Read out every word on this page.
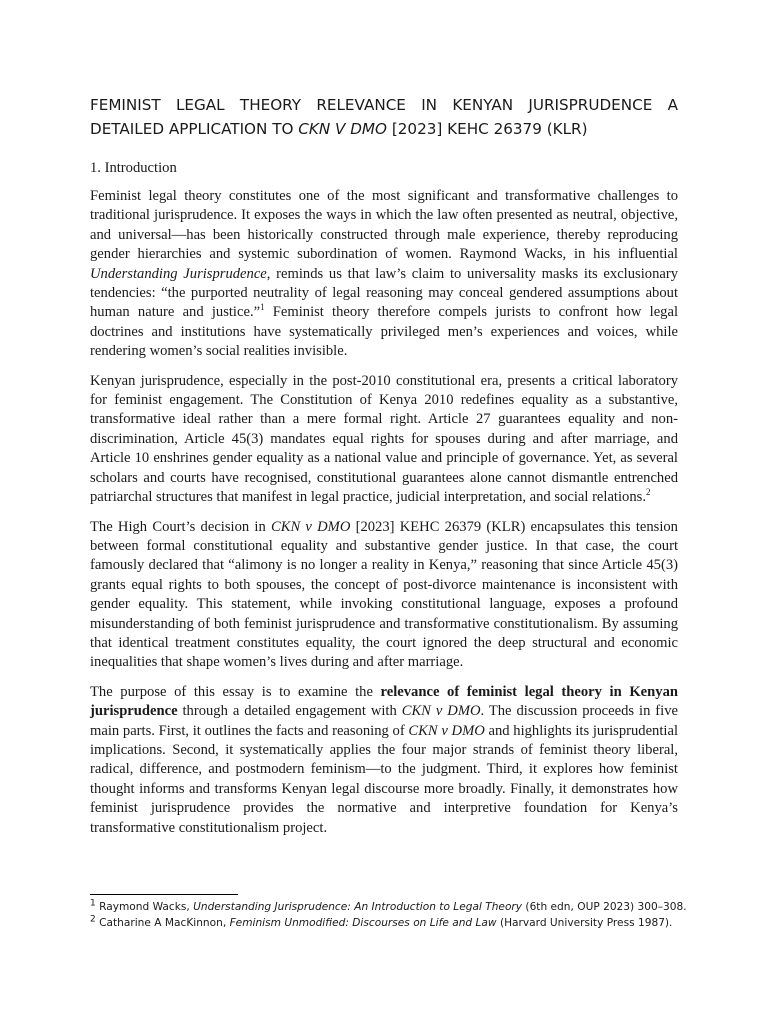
FEMINIST LEGAL THEORY RELEVANCE IN KENYAN JURISPRUDENCE A DETAILED APPLICATION TO CKN V DMO [2023] KEHC 26379 (KLR)

1. Introduction

Feminist legal theory constitutes one of the most significant and transformative challenges to traditional jurisprudence. It exposes the ways in which the law often presented as neutral, objective, and universal—has been historically constructed through male experience, thereby reproducing gender hierarchies and systemic subordination of women. Raymond Wacks, in his influential Understanding Jurisprudence, reminds us that law’s claim to universality masks its exclusionary tendencies: “the purported neutrality of legal reasoning may conceal gendered assumptions about human nature and justice.”$^1$ Feminist theory therefore compels jurists to confront how legal doctrines and institutions have systematically privileged men’s experiences and voices, while rendering women’s social realities invisible.

Kenyan jurisprudence, especially in the post-2010 constitutional era, presents a critical laboratory for feminist engagement. The Constitution of Kenya 2010 redefines equality as a substantive, transformative ideal rather than a mere formal right. Article 27 guarantees equality and non-discrimination, Article 45(3) mandates equal rights for spouses during and after marriage, and Article 10 enshrines gender equality as a national value and principle of governance. Yet, as several scholars and courts have recognised, constitutional guarantees alone cannot dismantle entrenched patriarchal structures that manifest in legal practice, judicial interpretation, and social relations.$^2$

The High Court’s decision in CKN v DMO [2023] KEHC 26379 (KLR) encapsulates this tension between formal constitutional equality and substantive gender justice. In that case, the court famously declared that “alimony is no longer a reality in Kenya,” reasoning that since Article 45(3) grants equal rights to both spouses, the concept of post-divorce maintenance is inconsistent with gender equality. This statement, while invoking constitutional language, exposes a profound misunderstanding of both feminist jurisprudence and transformative constitutionalism. By assuming that identical treatment constitutes equality, the court ignored the deep structural and economic inequalities that shape women’s lives during and after marriage.

The purpose of this essay is to examine the relevance of feminist legal theory in Kenyan jurisprudence through a detailed engagement with CKN v DMO. The discussion proceeds in five main parts. First, it outlines the facts and reasoning of CKN v DMO and highlights its jurisprudential implications. Second, it systematically applies the four major strands of feminist theory liberal, radical, difference, and postmodern feminism—to the judgment. Third, it explores how feminist thought informs and transforms Kenyan legal discourse more broadly. Finally, it demonstrates how feminist jurisprudence provides the normative and interpretive foundation for Kenya’s transformative constitutionalism project.

$^1$ Raymond Wacks, Understanding Jurisprudence: An Introduction to Legal Theory (6th edn, OUP 2023) 300–308.

$^2$ Catharine A MacKinnon, Feminism Unmodified: Discourses on Life and Law (Harvard University Press 1987).
